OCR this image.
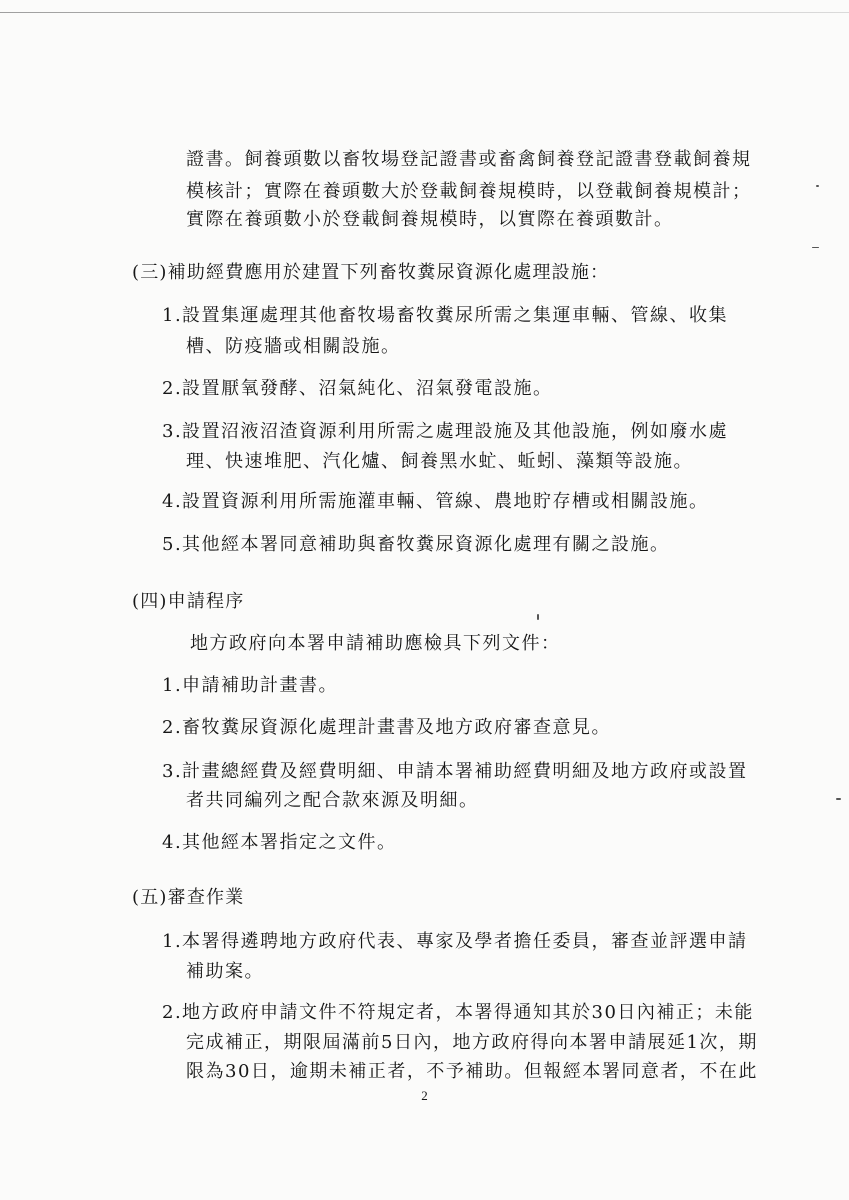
證書。飼養頭數以畜牧場登記證書或畜禽飼養登記證書登載飼養規
模核計；實際在養頭數大於登載飼養規模時，以登載飼養規模計；
實際在養頭數小於登載飼養規模時，以實際在養頭數計。
(三)補助經費應用於建置下列畜牧糞尿資源化處理設施：
1.設置集運處理其他畜牧場畜牧糞尿所需之集運車輛、管線、收集
槽、防疫牆或相關設施。
2.設置厭氧發酵、沼氣純化、沼氣發電設施。
3.設置沼液沼渣資源利用所需之處理設施及其他設施，例如廢水處
理、快速堆肥、汽化爐、飼養黑水虻、蚯蚓、藻類等設施。
4.設置資源利用所需施灌車輛、管線、農地貯存槽或相關設施。
5.其他經本署同意補助與畜牧糞尿資源化處理有關之設施。
(四)申請程序
地方政府向本署申請補助應檢具下列文件：
1.申請補助計畫書。
2.畜牧糞尿資源化處理計畫書及地方政府審查意見。
3.計畫總經費及經費明細、申請本署補助經費明細及地方政府或設置
者共同編列之配合款來源及明細。
4.其他經本署指定之文件。
(五)審查作業
1.本署得遴聘地方政府代表、專家及學者擔任委員，審查並評選申請
補助案。
2.地方政府申請文件不符規定者，本署得通知其於30日內補正；未能
完成補正，期限屆滿前5日內，地方政府得向本署申請展延1次，期
限為30日，逾期未補正者，不予補助。但報經本署同意者，不在此
2
